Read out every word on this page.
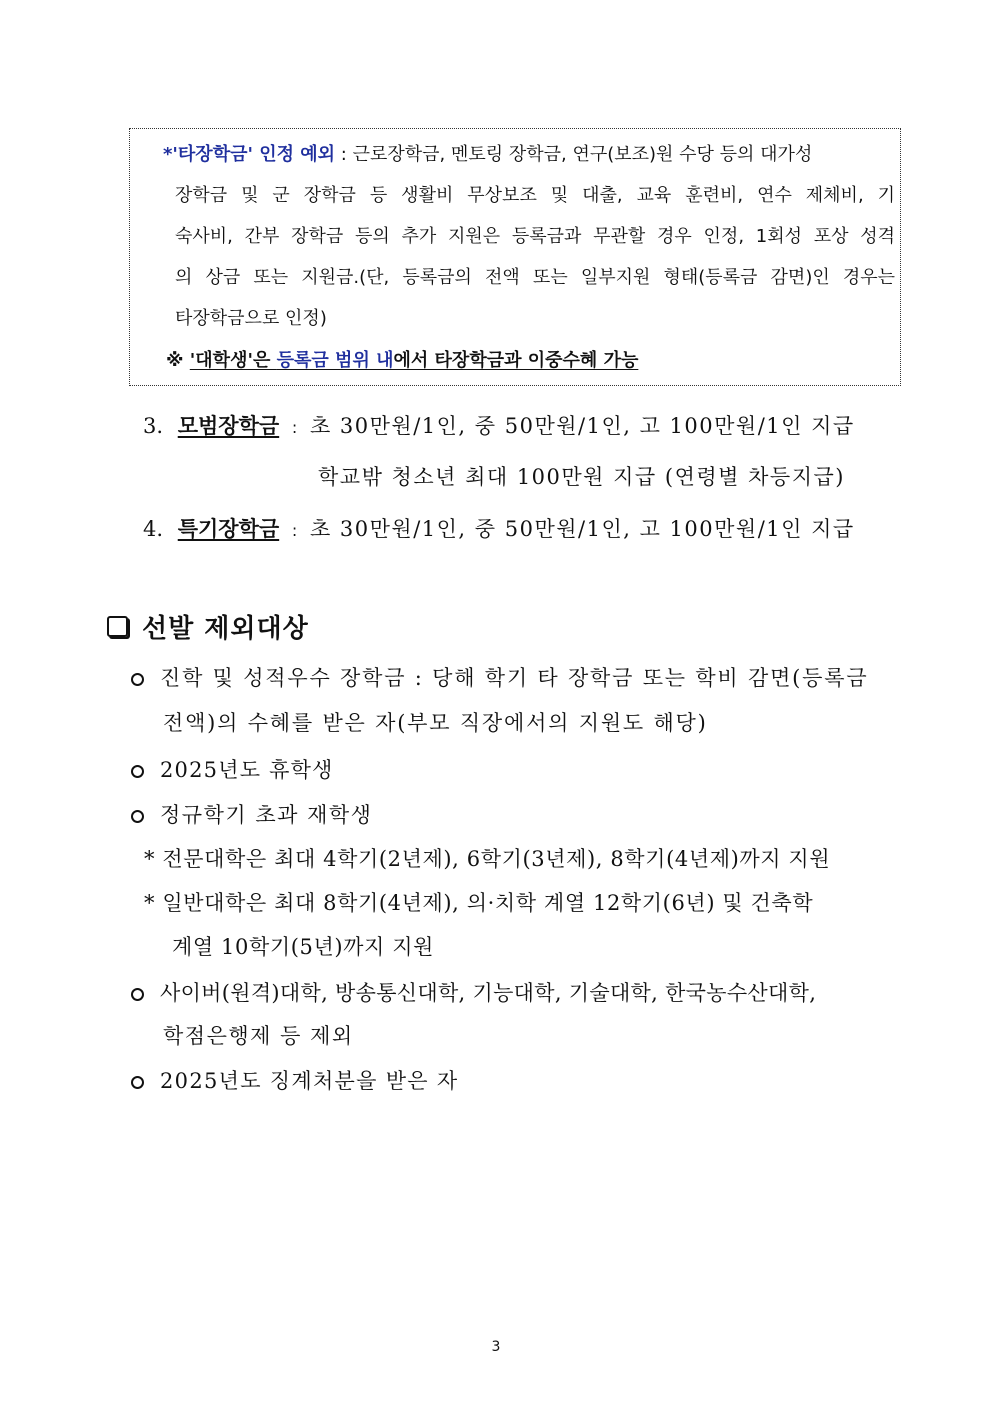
*'타장학금' 인정 예외 : 근로장학금, 멘토링 장학금, 연구(보조)원 수당 등의 대가성
장학금 및 군 장학금 등 생활비 무상보조 및 대출, 교육 훈련비, 연수 제체비, 기
숙사비, 간부 장학금 등의 추가 지원은 등록금과 무관할 경우 인정, 1회성 포상 성격
의 상금 또는 지원금.(단, 등록금의 전액 또는 일부지원 형태(등록금 감면)인 경우는
타장학금으로 인정)
※ '대학생'은 등록금 범위 내에서 타장학금과 이중수혜 가능
3. 모범장학금 : 초 30만원/1인, 중 50만원/1인, 고 100만원/1인 지급
학교밖 청소년 최대 100만원 지급 (연령별 차등지급)
4. 특기장학금 : 초 30만원/1인, 중 50만원/1인, 고 100만원/1인 지급
선발 제외대상
진학 및 성적우수 장학금 : 당해 학기 타 장학금 또는 학비 감면(등록금
전액)의 수혜를 받은 자(부모 직장에서의 지원도 해당)
2025년도 휴학생
정규학기 초과 재학생
* 전문대학은 최대 4학기(2년제), 6학기(3년제), 8학기(4년제)까지 지원
* 일반대학은 최대 8학기(4년제), 의·치학 계열 12학기(6년) 및 건축학
계열 10학기(5년)까지 지원
사이버(원격)대학, 방송통신대학, 기능대학, 기술대학, 한국농수산대학,
학점은행제 등 제외
2025년도 징계처분을 받은 자
3
